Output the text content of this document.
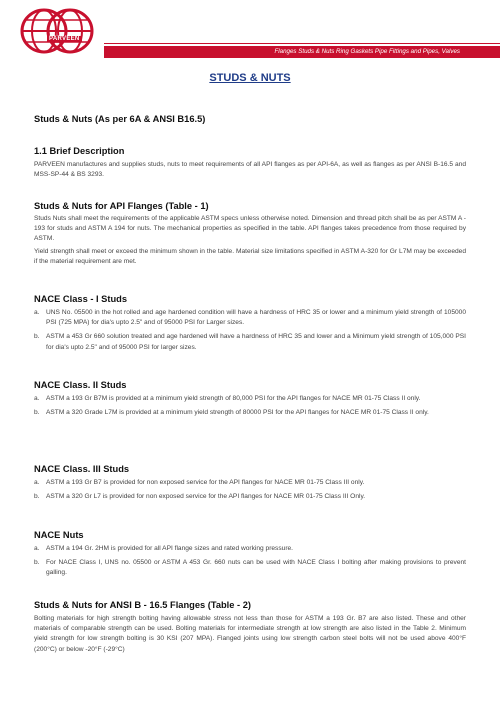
PARVEEN
Flanges Studs & Nuts Ring Gaskets Pipe Fittings and Pipes, Valves
STUDS & NUTS
Studs & Nuts (As per 6A & ANSI B16.5)
1.1 Brief Description

PARVEEN manufactures and supplies studs, nuts to meet requirements of all API flanges as per API-6A, as well as flanges as per ANSI B-16.5 and MSS-SP-44 & BS 3293.

Studs & Nuts for API Flanges (Table - 1)

Studs Nuts shall meet the requirements of the applicable ASTM specs unless otherwise noted. Dimension and thread pitch shall be as per ASTM A - 193 for studs and ASTM A 194 for nuts. The mechanical properties as specified in the table. API flanges takes precedence from those required by ASTM.

Yield strength shall meet or exceed the minimum shown in the table. Material size limitations specified in ASTM A-320 for Gr L7M may be exceeded if the material requirement are met.

NACE Class - I Studs
a. UNS No. 05500 in the hot rolled and age hardened condition will have a hardness of HRC 35 or lower and a minimum yield strength of 105000 PSI (725 MPA) for dia's upto 2.5" and of 95000 PSI for Larger sizes.
b. ASTM a 453 Gr 660 solution treated and age hardened will have a hardness of HRC 35 and lower and a Minimum yield strength of 105,000 PSI for dia's upto 2.5" and of 95000 PSI for larger sizes.
NACE Class. II Studs
a. ASTM a 193 Gr B7M is provided at a minimum yield strength of 80,000 PSI for the API flanges for NACE MR 01-75 Class II only.
b. ASTM a 320 Grade L7M is provided at a minimum yield strength of 80000 PSI for the API flanges for NACE MR 01-75 Class II only.
NACE Class. III Studs
a. ASTM a 193 Gr B7 is provided for non exposed service for the API flanges for NACE MR 01-75 Class III only.
b. ASTM a 320 Gr L7 is provided for non exposed service for the API flanges for NACE MR 01-75 Class III Only.
NACE Nuts
a. ASTM a 194 Gr. 2HM is provided for all API flange sizes and rated working pressure.
b. For NACE Class I, UNS no. 05500 or ASTM A 453 Gr. 660 nuts can be used with NACE Class I bolting after making provisions to prevent galling.
Studs & Nuts for ANSI B - 16.5 Flanges (Table - 2)

Bolting materials for high strength bolting having allowable stress not less than those for ASTM a 193 Gr. B7 are also listed. These and other materials of comparable strength can be used. Bolting materials for intermediate strength at low strength are also listed in the Table 2. Minimum yield strength for low strength bolting is 30 KSI (207 MPA). Flanged joints using low strength carbon steel bolts will not be used above 400°F (200°C) or below -20°F (-29°C)
